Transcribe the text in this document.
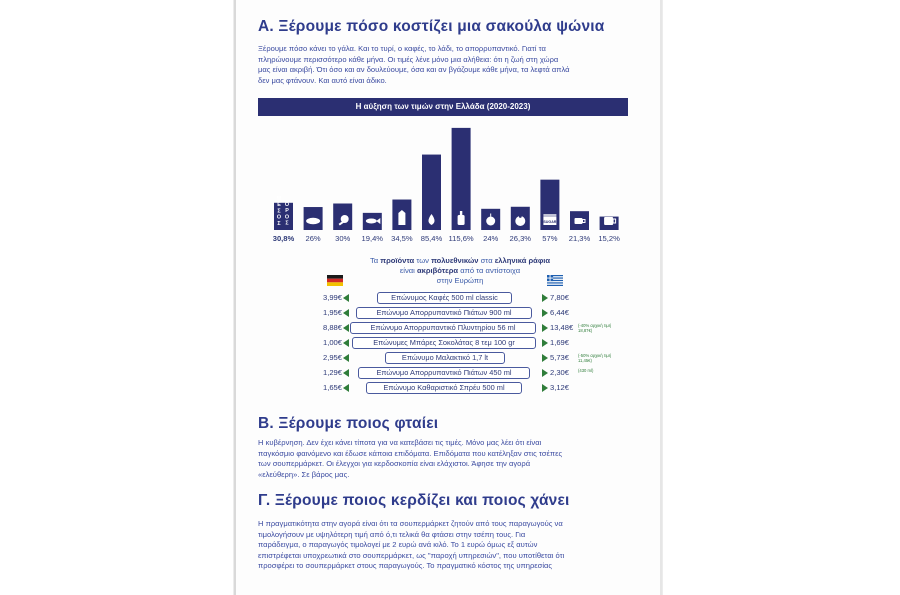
Α. Ξέρουμε πόσο κοστίζει μια σακούλα ψώνια
Ξέρουμε πόσο κάνει το γάλα. Και το τυρί, ο καφές, το λάδι, το απορρυπαντικό. Γιατί τα
πληρώνουμε περισσότερο κάθε μήνα. Οι τιμές λένε μόνο μια αλήθεια: ότι η ζωή στη χώρα
μας είναι ακριβή. Ότι όσο και αν δουλεύουμε, όσα και αν βγάζουμε κάθε μήνα, τα λεφτά απλά
δεν μας φτάνουν. Και αυτό είναι άδικο.
Η αύξηση των τιμών στην Ελλάδα (2020-2023)
Μ
Ε
Σ
Ο
Σ
Ο
Ρ
Ο
Σ	SUGAR
30,8% 26% 30% 19,4% 34,5% 85,4% 115,6% 24% 26,3% 57% 21,3% 15,2%
Τα προϊόντα των πολυεθνικών στα ελληνικά ράφια
είναι ακριβότερα από τα αντίστοιχα
στην Ευρώπη
3,99€	Επώνυμος Καφές 500 ml classic	7,80€
1,95€	Επώνυμο Απορρυπαντικό Πιάτων 900 ml	6,44€
8,88€	Επώνυμο Απορρυπαντικό Πλυντηρίου 56 ml	13,48€ (-40% αρχική τιμή 18,87€)
1,00€	Επώνυμες Μπάρες Σοκολάτας 8 τεμ 100 gr	1,69€
2,95€	Επώνυμο Μαλακτικό 1,7 lt	5,73€ (-50% αρχική τιμή 11,45€)
1,29€	Επώνυμο Απορρυπαντικό Πιάτων 450 ml	2,30€ (430 ml)
1,65€	Επώνυμο Καθαριστικό Σπρέυ 500 ml	3,12€
Β. Ξέρουμε ποιος φταίει
Η κυβέρνηση. Δεν έχει κάνει τίποτα για να κατεβάσει τις τιμές. Μόνο μας λέει ότι είναι
παγκόσμιο φαινόμενο και έδωσε κάποια επιδόματα. Επιδόματα που κατέληξαν στις τσέπες
των σουπερμάρκετ. Οι έλεγχοι για κερδοσκοπία είναι ελάχιστοι. Άφησε την αγορά
«ελεύθερη». Σε βάρος μας.
Γ. Ξέρουμε ποιος κερδίζει και ποιος χάνει
Η πραγματικότητα στην αγορά είναι ότι τα σουπερμάρκετ ζητούν από τους παραγωγούς να
τιμολογήσουν με υψηλότερη τιμή από ό,τι τελικά θα φτάσει στην τσέπη τους. Για
παράδειγμα, ο παραγωγός τιμολογεί με 2 ευρώ ανά κιλό. Το 1 ευρώ όμως εξ αυτών
επιστρέφεται υποχρεωτικά στο σουπερμάρκετ, ως "παροχή υπηρεσιών", που υποτίθεται ότι
προσφέρει το σουπερμάρκετ στους παραγωγούς. Το πραγματικό κόστος της υπηρεσίας
